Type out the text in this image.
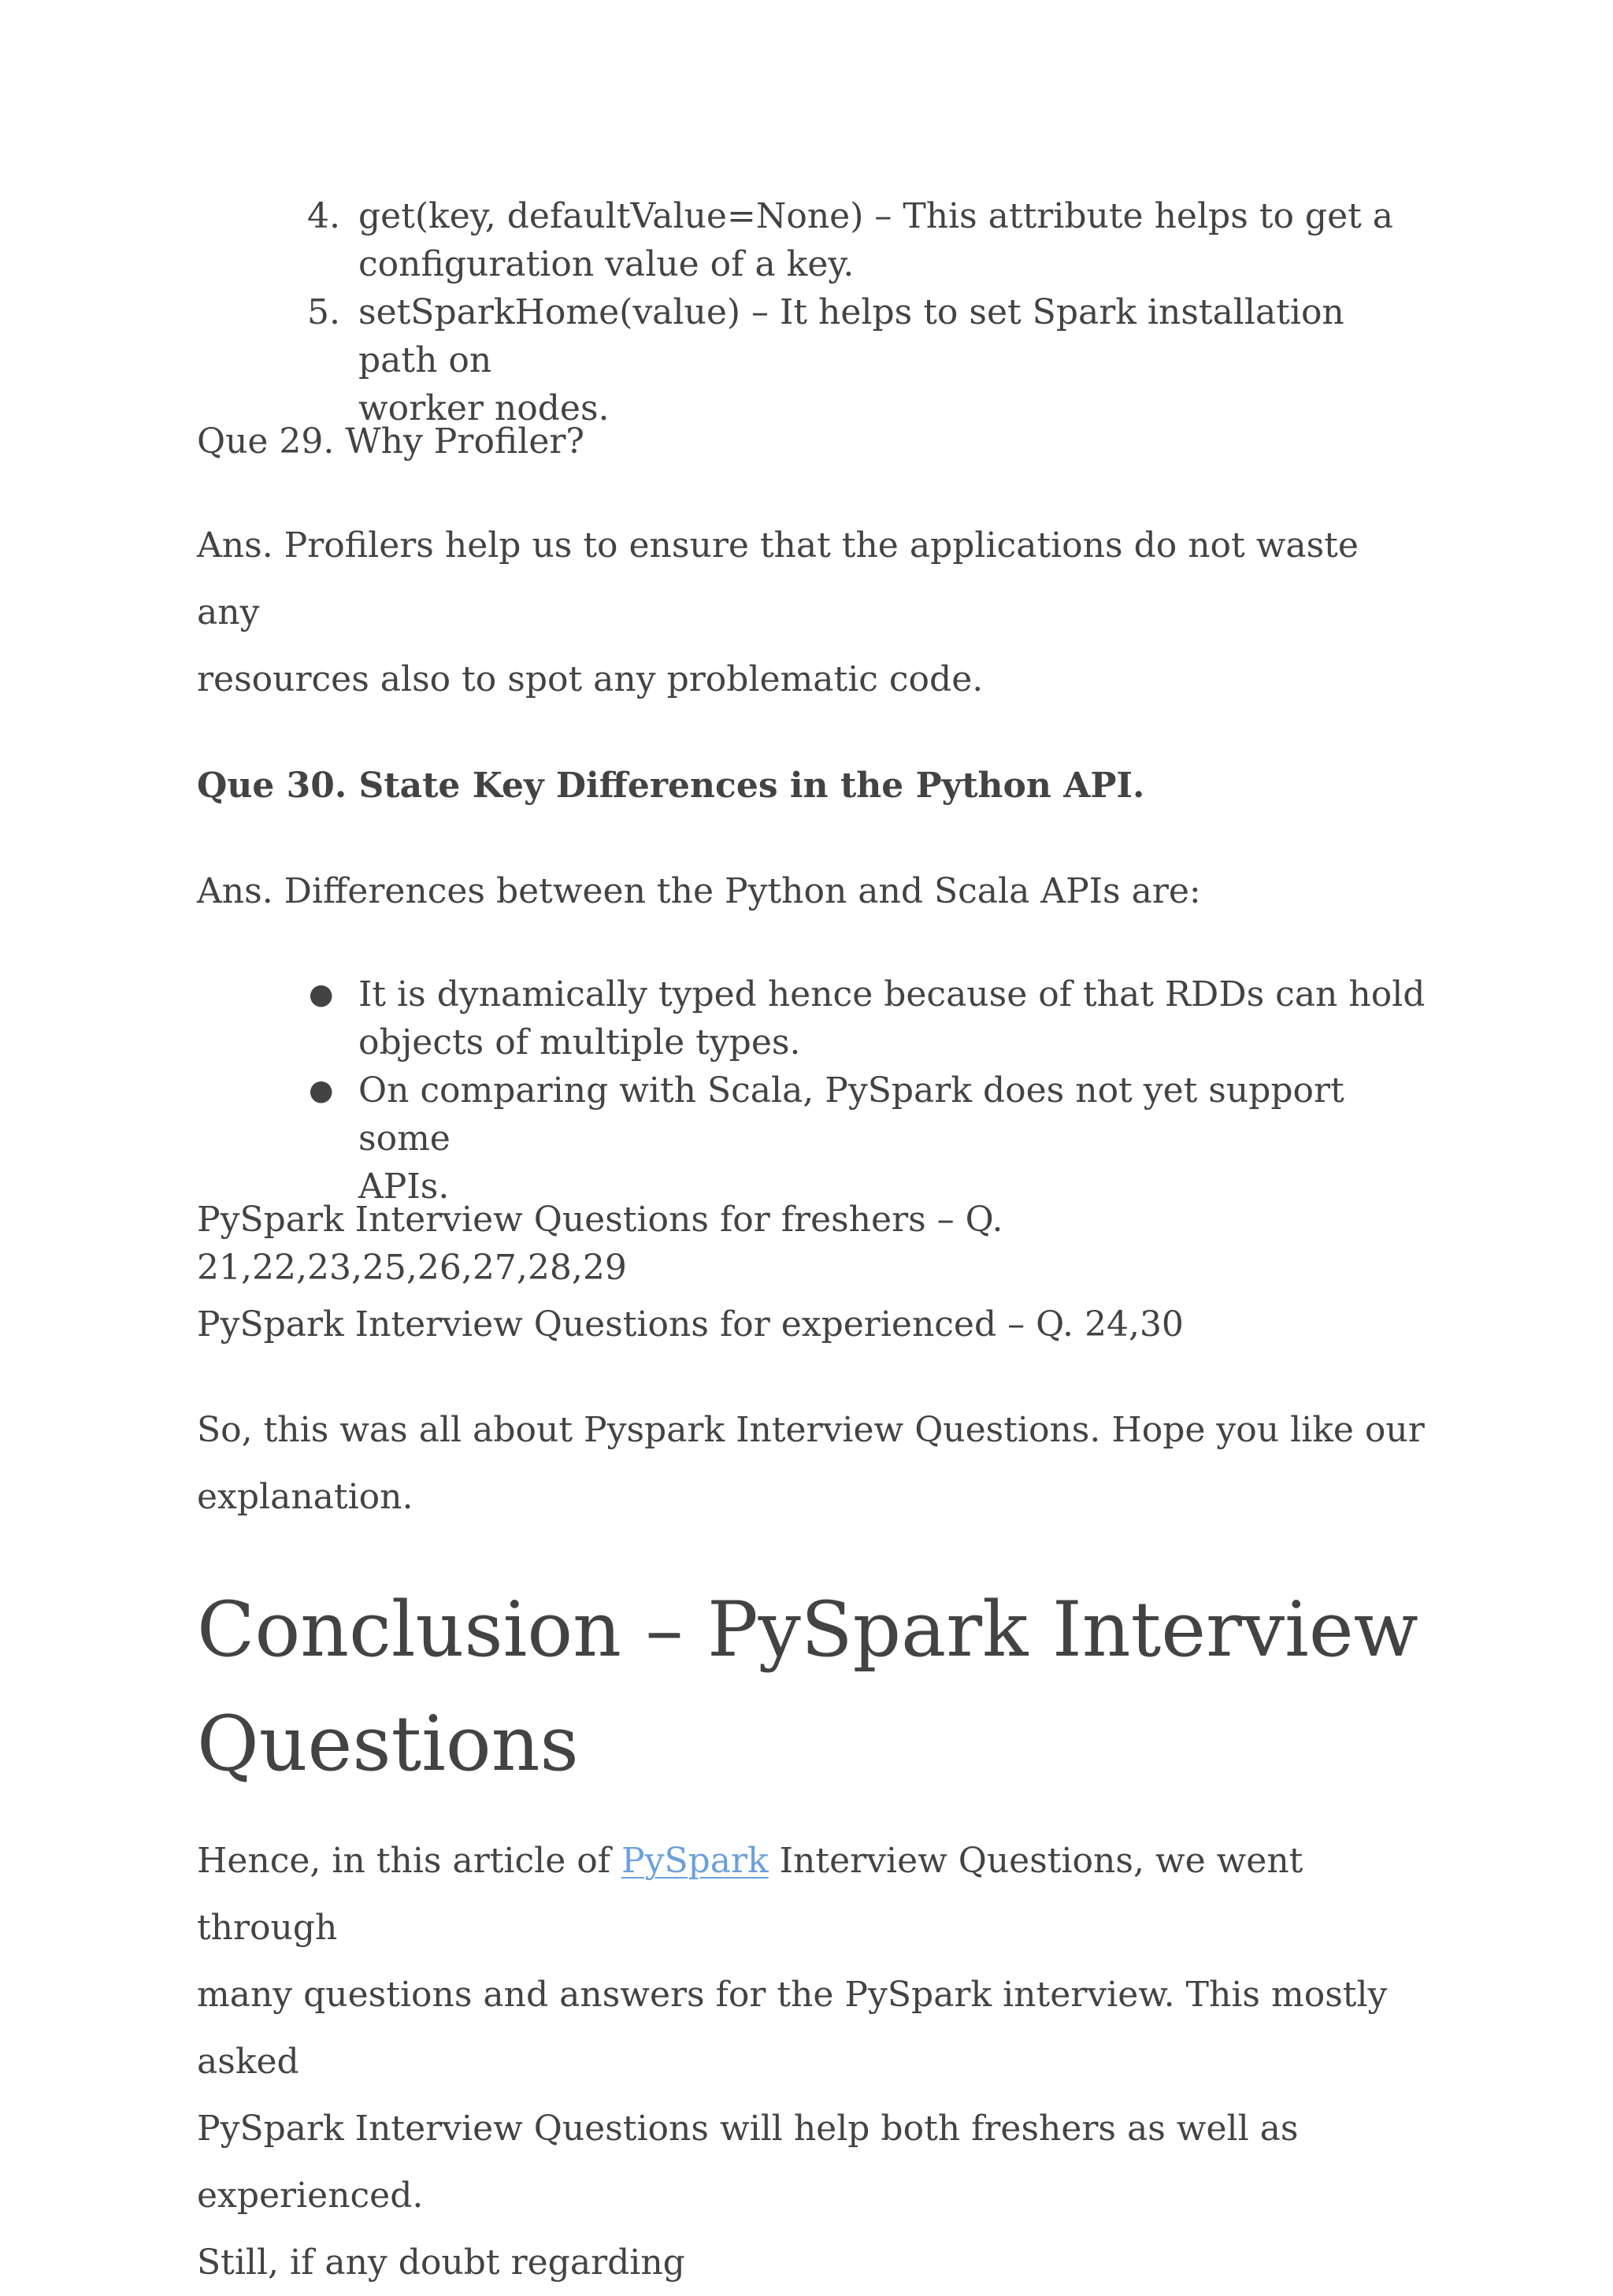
4. get(key, defaultValue=None) – This attribute helps to get a
configuration value of a key.
5. setSparkHome(value) – It helps to set Spark installation path on
worker nodes.

Que 29. Why Profiler?

Ans. Profilers help us to ensure that the applications do not waste any

resources also to spot any problematic code.

Que 30. State Key Differences in the Python API.

Ans. Differences between the Python and Scala APIs are:

● It is dynamically typed hence because of that RDDs can hold
objects of multiple types.
● On comparing with Scala, PySpark does not yet support some
APIs.

PySpark Interview Questions for freshers – Q. 21,22,23,25,26,27,28,29

PySpark Interview Questions for experienced – Q. 24,30

So, this was all about Pyspark Interview Questions. Hope you like our

explanation.

Conclusion – PySpark Interview
Questions

Hence, in this article of PySpark Interview Questions, we went through

many questions and answers for the PySpark interview. This mostly asked

PySpark Interview Questions will help both freshers as well as experienced.

Still, if any doubt regarding
